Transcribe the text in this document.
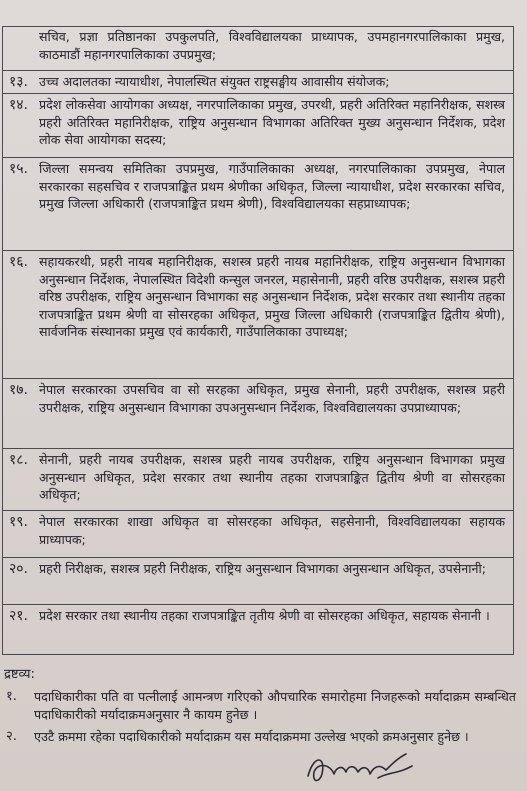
सचिव, प्रज्ञा प्रतिष्ठानका उपकुलपति, विश्वविद्यालयका प्राध्यापक, उपमहानगरपालिकाका प्रमुख, काठमाडौं महानगरपालिकाका उपप्रमुख;
१३. उच्च अदालतका न्यायाधीश, नेपालस्थित संयुक्त राष्ट्रसङ्घीय आवासीय संयोजक;
१४. प्रदेश लोकसेवा आयोगका अध्यक्ष, नगरपालिकाका प्रमुख, उपरथी, प्रहरी अतिरिक्त महानिरीक्षक, सशस्त्र प्रहरी अतिरिक्त महानिरीक्षक, राष्ट्रिय अनुसन्धान विभागका अतिरिक्त मुख्य अनुसन्धान निर्देशक, प्रदेश लोक सेवा आयोगका सदस्य;
१५. जिल्ला समन्वय समितिका उपप्रमुख, गाउँपालिकाका अध्यक्ष, नगरपालिकाका उपप्रमुख, नेपाल सरकारका सहसचिव र राजपत्राङ्कित प्रथम श्रेणीका अधिकृत, जिल्ला न्यायाधीश, प्रदेश सरकारका सचिव, प्रमुख जिल्ला अधिकारी (राजपत्राङ्कित प्रथम श्रेणी), विश्वविद्यालयका सहप्राध्यापक;
१६. सहायकरथी, प्रहरी नायब महानिरीक्षक, सशस्त्र प्रहरी नायब महानिरीक्षक, राष्ट्रिय अनुसन्धान विभागका अनुसन्धान निर्देशक, नेपालस्थित विदेशी कन्सुल जनरल, महासेनानी, प्रहरी वरिष्ठ उपरीक्षक, सशस्त्र प्रहरी वरिष्ठ उपरीक्षक, राष्ट्रिय अनुसन्धान विभागका सह अनुसन्धान निर्देशक, प्रदेश सरकार तथा स्थानीय तहका राजपत्राङ्कित प्रथम श्रेणी वा सोसरहका अधिकृत, प्रमुख जिल्ला अधिकारी (राजपत्राङ्कित द्वितीय श्रेणी), सार्वजनिक संस्थानका प्रमुख एवं कार्यकारी, गाउँपालिकाका उपाध्यक्ष;
१७. नेपाल सरकारका उपसचिव वा सो सरहका अधिकृत, प्रमुख सेनानी, प्रहरी उपरीक्षक, सशस्त्र प्रहरी उपरीक्षक, राष्ट्रिय अनुसन्धान विभागका उपअनुसन्धान निर्देशक, विश्वविद्यालयका उपप्राध्यापक;
१८. सेनानी, प्रहरी नायब उपरीक्षक, सशस्त्र प्रहरी नायब उपरीक्षक, राष्ट्रिय अनुसन्धान विभागका प्रमुख अनुसन्धान अधिकृत, प्रदेश सरकार तथा स्थानीय तहका राजपत्राङ्कित द्वितीय श्रेणी वा सोसरहका अधिकृत;
१९. नेपाल सरकारका शाखा अधिकृत वा सोसरहका अधिकृत, सहसेनानी, विश्वविद्यालयका सहायक प्राध्यापक;
२०. प्रहरी निरीक्षक, सशस्त्र प्रहरी निरीक्षक, राष्ट्रिय अनुसन्धान विभागका अनुसन्धान अधिकृत, उपसेनानी;
२१. प्रदेश सरकार तथा स्थानीय तहका राजपत्राङ्कित तृतीय श्रेणी वा सोसरहका अधिकृत, सहायक सेनानी ।
द्रष्टव्य:
१.	पदाधिकारीका पति वा पत्नीलाई आमन्त्रण गरिएको औपचारिक समारोहमा निजहरूको मर्यादाक्रम सम्बन्धित पदाधिकारीको मर्यादाक्रमअनुसार नै कायम हुनेछ ।
२.	एउटै क्रममा रहेका पदाधिकारीको मर्यादाक्रम यस मर्यादाक्रममा उल्लेख भएको क्रमअनुसार हुनेछ ।
